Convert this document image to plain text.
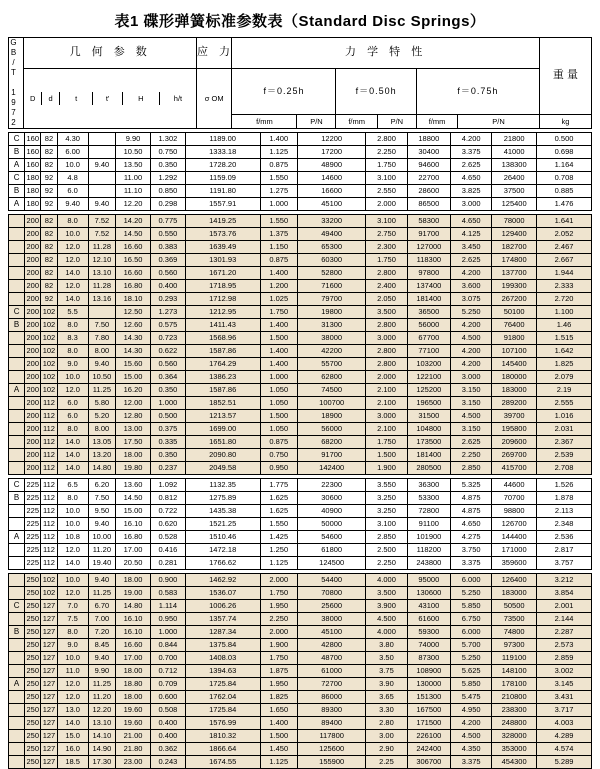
表1 碟形弹簧标准参数表（Standard Disc Springs）
GB/T 1972	几 何 参 数	应 力	力 学 特 性	重 量

D	d	t	t'	H	h/t
		σ OM	f＝0.25h	f＝0.50h	f＝0.75h
f/mm	P/N	f/mm	P/N	f/mm	P/N	kg
C	160	82	4.30		9.90	1.302	1189.00	1.400	12200	2.800	18800	4.200	21800	0.500
B	160	82	6.00		10.50	0.750	1333.18	1.125	17200	2.250	30400	3.375	41000	0.698
A	160	82	10.0	9.40	13.50	0.350	1728.20	0.875	48900	1.750	94600	2.625	138300	1.164
C	180	92	4.8		11.00	1.292	1159.09	1.550	14600	3.100	22700	4.650	26400	0.708
B	180	92	6.0		11.10	0.850	1191.80	1.275	16600	2.550	28600	3.825	37500	0.885
A	180	92	9.40	9.40	12.20	0.298	1557.91	1.000	45100	2.000	86500	3.000	125400	1.476
	200	82	8.0	7.52	14.20	0.775	1419.25	1.550	33200	3.100	58300	4.650	78000	1.641
	200	82	10.0	7.52	14.50	0.550	1573.76	1.375	49400	2.750	91700	4.125	129400	2.052
	200	82	12.0	11.28	16.60	0.383	1639.49	1.150	65300	2.300	127000	3.450	182700	2.467
	200	82	12.0	12.10	16.50	0.369	1301.93	0.875	60300	1.750	118300	2.625	174800	2.667
	200	82	14.0	13.10	16.60	0.560	1671.20	1.400	52800	2.800	97800	4.200	137700	1.944
	200	82	12.0	11.28	16.80	0.400	1718.95	1.200	71600	2.400	137400	3.600	199300	2.333
	200	92	14.0	13.16	18.10	0.293	1712.98	1.025	79700	2.050	181400	3.075	267200	2.720
C	200	102	5.5		12.50	1.273	1212.95	1.750	19800	3.500	36500	5.250	50100	1.100
B	200	102	8.0	7.50	12.60	0.575	1411.43	1.400	31300	2.800	56000	4.200	76400	1.46
	200	102	8.3	7.80	14.30	0.723	1568.96	1.500	38000	3.000	67700	4.500	91800	1.515
	200	102	8.0	8.00	14.30	0.622	1587.86	1.400	42200	2.800	77100	4.200	107100	1.642
	200	102	9.0	9.40	15.60	0.560	1764.29	1.400	55700	2.800	103200	4.200	145400	1.825
	200	102	10.0	10.50	15.00	0.364	1386.23	1.000	62800	2.000	122100	3.000	180000	2.079
A	200	102	12.0	11.25	16.20	0.350	1587.86	1.050	74500	2.100	125200	3.150	183000	2.19
	200	112	6.0	5.80	12.00	1.000	1852.51	1.050	100700	2.100	196500	3.150	289200	2.555
	200	112	6.0	5.20	12.80	0.500	1213.57	1.500	18900	3.000	31500	4.500	39700	1.016
	200	112	8.0	8.00	13.00	0.375	1699.00	1.050	56000	2.100	104800	3.150	195800	2.031
	200	112	14.0	13.05	17.50	0.335	1651.80	0.875	68200	1.750	173500	2.625	209600	2.367
	200	112	14.0	13.20	18.00	0.350	2090.80	0.750	91700	1.500	181400	2.250	269700	2.539
	200	112	14.0	14.80	19.80	0.237	2049.58	0.950	142400	1.900	280500	2.850	415700	2.708
C	225	112	6.5	6.20	13.60	1.092	1132.35	1.775	22300	3.550	36300	5.325	44600	1.526
B	225	112	8.0	7.50	14.50	0.812	1275.89	1.625	30600	3.250	53300	4.875	70700	1.878
	225	112	10.0	9.50	15.00	0.722	1435.38	1.625	40900	3.250	72800	4.875	98800	2.113
	225	112	10.0	9.40	16.10	0.620	1521.25	1.550	50000	3.100	91100	4.650	126700	2.348
A	225	112	10.8	10.00	16.80	0.528	1510.46	1.425	54600	2.850	101900	4.275	144400	2.536
	225	112	12.0	11.20	17.00	0.416	1472.18	1.250	61800	2.500	118200	3.750	171000	2.817
	225	112	14.0	19.40	20.50	0.281	1766.62	1.125	124500	2.250	243800	3.375	359600	3.757
	250	102	10.0	9.40	18.00	0.900	1462.92	2.000	54400	4.000	95000	6.000	126400	3.212
	250	102	12.0	11.25	19.00	0.583	1536.07	1.750	70800	3.500	130600	5.250	183000	3.854
C	250	127	7.0	6.70	14.80	1.114	1006.26	1.950	25600	3.900	43100	5.850	50500	2.001
	250	127	7.5	7.00	16.10	0.950	1357.74	2.250	38000	4.500	61600	6.750	73500	2.144
B	250	127	8.0	7.20	16.10	1.000	1287.34	2.000	45100	4.000	59300	6.000	74800	2.287
	250	127	9.0	8.45	16.60	0.844	1375.84	1.900	42800	3.80	74000	5.700	97300	2.573
	250	127	10.0	9.40	17.00	0.700	1408.03	1.750	48700	3.50	87300	5.250	119100	2.859
	250	127	11.0	9.90	18.00	0.712	1394.63	1.875	61000	3.75	108900	5.625	148100	3.002
A	250	127	12.0	11.25	18.80	0.709	1725.84	1.950	72700	3.90	130000	5.850	178100	3.145
	250	127	12.0	11.20	18.00	0.600	1762.04	1.825	86000	3.65	151300	5.475	210800	3.431
	250	127	13.0	12.20	19.60	0.508	1725.84	1.650	89300	3.30	167500	4.950	238300	3.717
	250	127	14.0	13.10	19.60	0.400	1576.99	1.400	89400	2.80	171500	4.200	248800	4.003
	250	127	15.0	14.10	21.00	0.400	1810.32	1.500	117800	3.00	226100	4.500	328000	4.289
	250	127	16.0	14.90	21.80	0.362	1866.64	1.450	125600	2.90	242400	4.350	353000	4.574
	250	127	18.5	17.30	23.00	0.243	1674.55	1.125	155900	2.25	306700	3.375	454300	5.289
